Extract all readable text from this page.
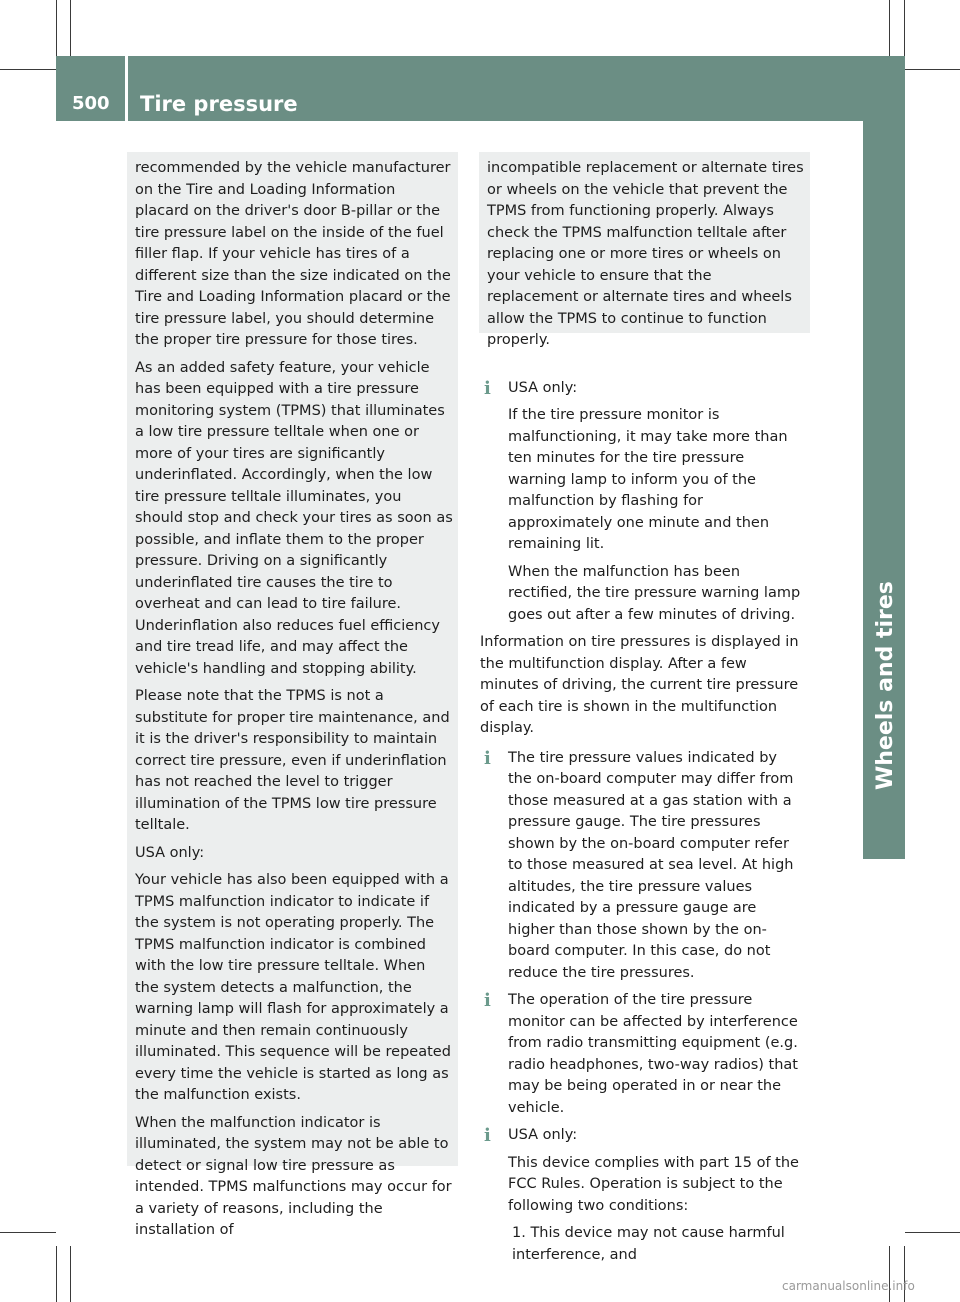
500 Tire pressure
Wheels and tires

recommended by the vehicle manufacturer on the Tire and Loading Information placard on the driver's door B-pillar or the tire pressure label on the inside of the fuel filler flap. If your vehicle has tires of a different size than the size indicated on the Tire and Loading Information placard or the tire pressure label, you should determine the proper tire pressure for those tires.

As an added safety feature, your vehicle has been equipped with a tire pressure monitoring system (TPMS) that illuminates a low tire pressure telltale when one or more of your tires are significantly underinflated. Accordingly, when the low tire pressure telltale illuminates, you should stop and check your tires as soon as possible, and inflate them to the proper pressure. Driving on a significantly underinflated tire causes the tire to overheat and can lead to tire failure. Underinflation also reduces fuel efficiency and tire tread life, and may affect the vehicle's handling and stopping ability.

Please note that the TPMS is not a substitute for proper tire maintenance, and it is the driver's responsibility to maintain correct tire pressure, even if underinflation has not reached the level to trigger illumination of the TPMS low tire pressure telltale.

USA only:

Your vehicle has also been equipped with a TPMS malfunction indicator to indicate if the system is not operating properly. The TPMS malfunction indicator is combined with the low tire pressure telltale. When the system detects a malfunction, the warning lamp will flash for approximately a minute and then remain continuously illuminated. This sequence will be repeated every time the vehicle is started as long as the malfunction exists.

When the malfunction indicator is illuminated, the system may not be able to detect or signal low tire pressure as intended. TPMS malfunctions may occur for a variety of reasons, including the installation of

incompatible replacement or alternate tires or wheels on the vehicle that prevent the TPMS from functioning properly. Always check the TPMS malfunction telltale after replacing one or more tires or wheels on your vehicle to ensure that the replacement or alternate tires and wheels allow the TPMS to continue to function properly.

i USA only:

If the tire pressure monitor is malfunctioning, it may take more than ten minutes for the tire pressure warning lamp to inform you of the malfunction by flashing for approximately one minute and then remaining lit.

When the malfunction has been rectified, the tire pressure warning lamp goes out after a few minutes of driving.

Information on tire pressures is displayed in the multifunction display. After a few minutes of driving, the current tire pressure of each tire is shown in the multifunction display.

i The tire pressure values indicated by the on-board computer may differ from those measured at a gas station with a pressure gauge. The tire pressures shown by the on-board computer refer to those measured at sea level. At high altitudes, the tire pressure values indicated by a pressure gauge are higher than those shown by the on-board computer. In this case, do not reduce the tire pressures.

i The operation of the tire pressure monitor can be affected by interference from radio transmitting equipment (e.g. radio headphones, two-way radios) that may be being operated in or near the vehicle.

i USA only:

This device complies with part 15 of the FCC Rules. Operation is subject to the following two conditions:

1. This device may not cause harmful interference, and

carmanualsonline.info
